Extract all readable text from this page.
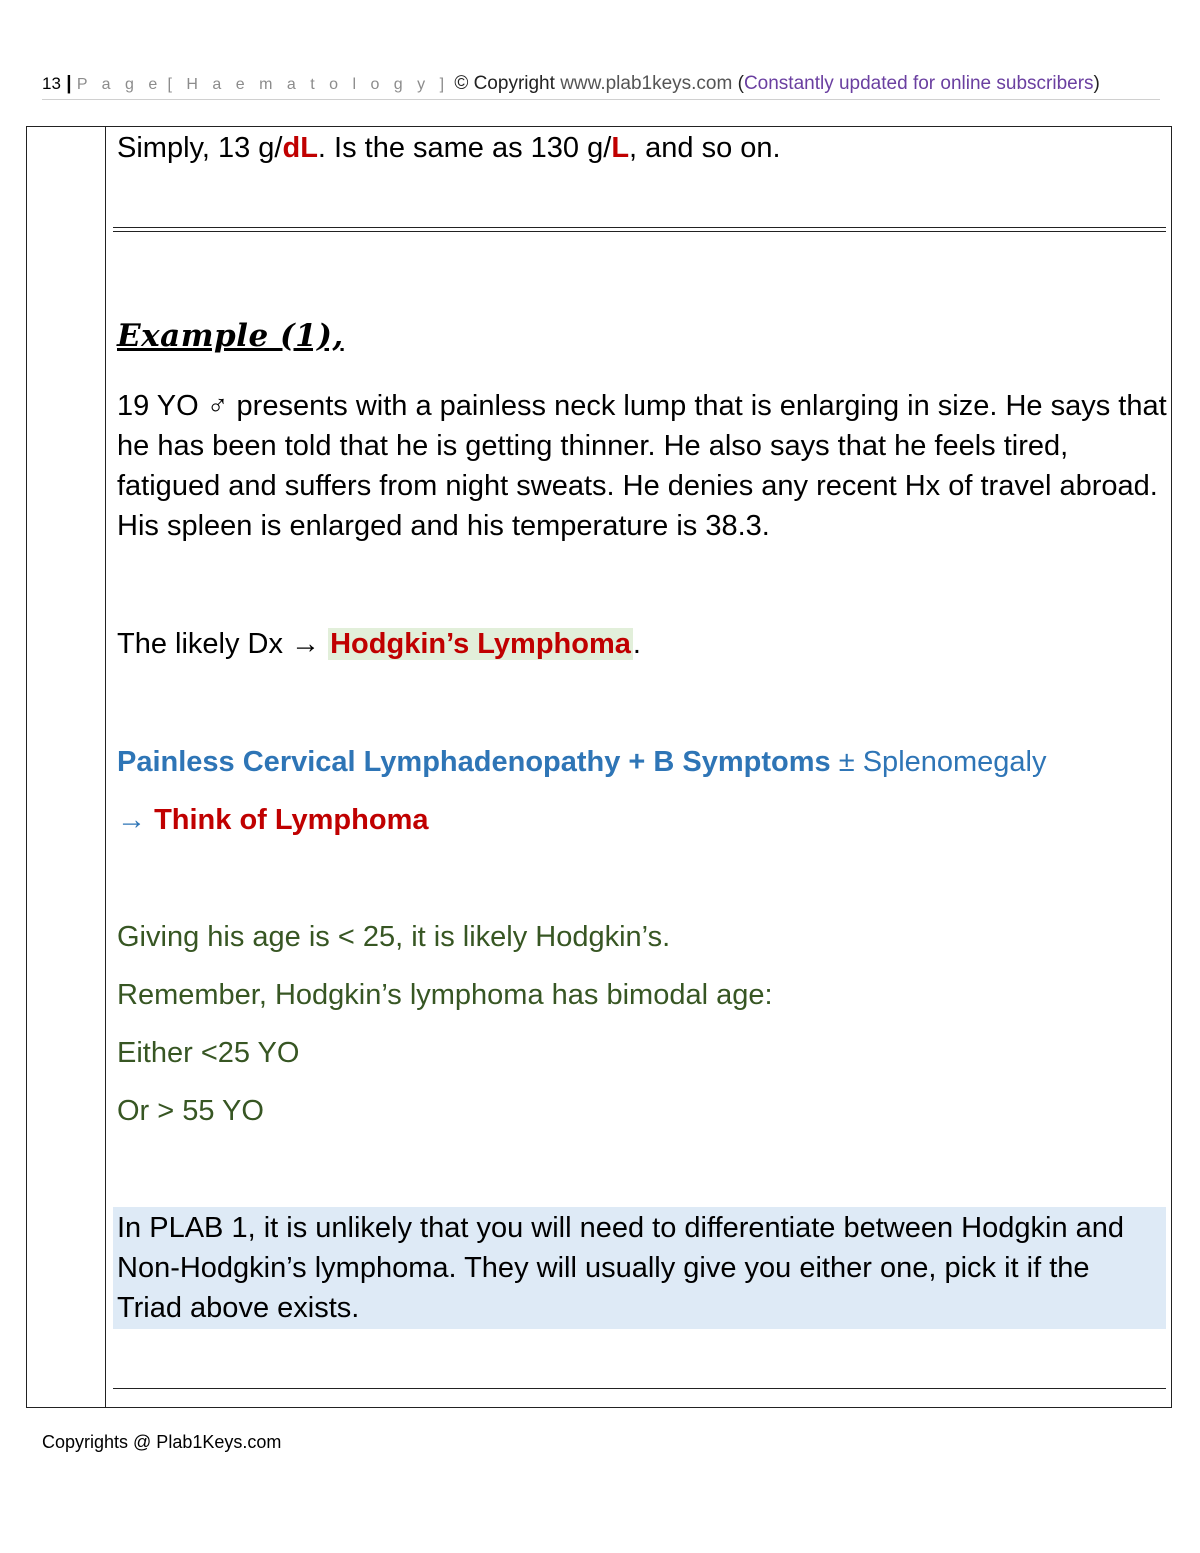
13 | P a g e [ H a e m a t o l o g y ] © Copyright www.plab1keys.com (Constantly updated for online subscribers)
Simply, 13 g/dL. Is the same as 130 g/L, and so on.
Example (1),
19 YO ♂ presents with a painless neck lump that is enlarging in size. He says that he has been told that he is getting thinner. He also says that he feels tired, fatigued and suffers from night sweats. He denies any recent Hx of travel abroad. His spleen is enlarged and his temperature is 38.3.
The likely Dx → Hodgkin’s Lymphoma.
Painless Cervical Lymphadenopathy + B Symptoms ± Splenomegaly
→ Think of Lymphoma
Giving his age is < 25, it is likely Hodgkin’s.
Remember, Hodgkin’s lymphoma has bimodal age:
Either <25 YO
Or > 55 YO
In PLAB 1, it is unlikely that you will need to differentiate between Hodgkin and Non-Hodgkin’s lymphoma. They will usually give you either one, pick it if the Triad above exists.
Copyrights @ Plab1Keys.com
